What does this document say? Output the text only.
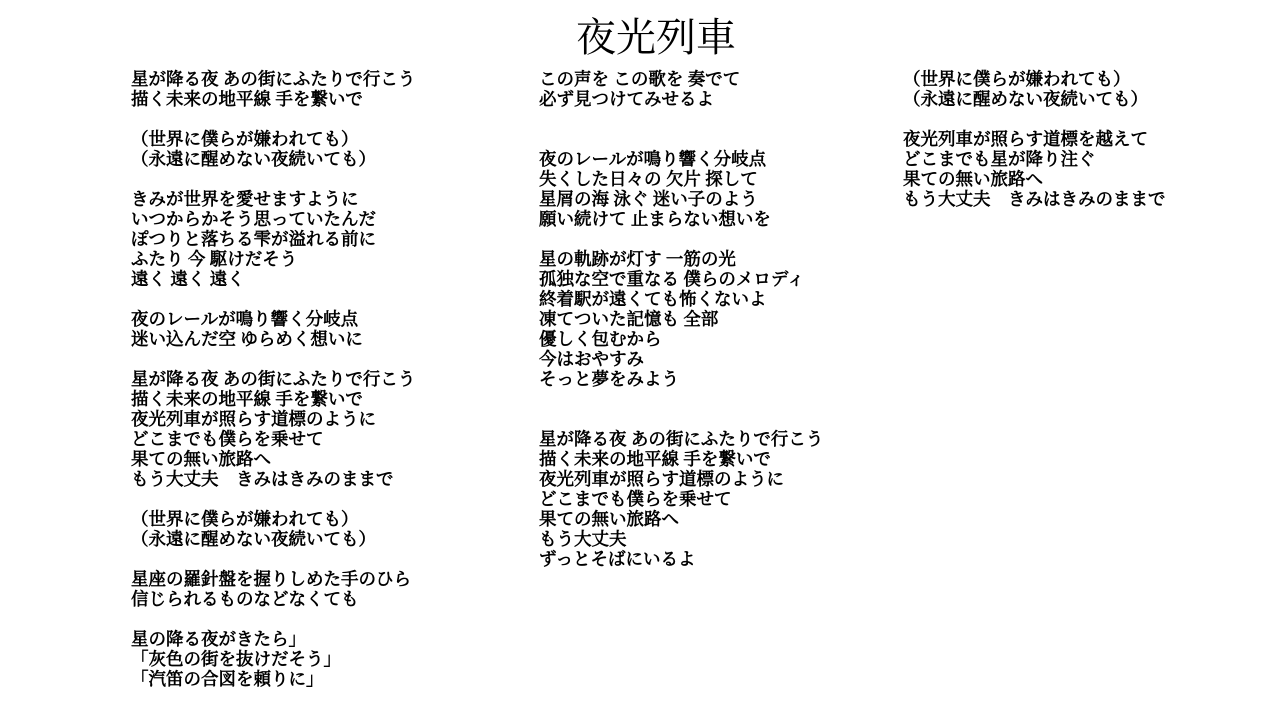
夜光列車
星が降る夜 あの街にふたりで行こう
描く未来の地平線 手を繋いで
（世界に僕らが嫌われても）
（永遠に醒めない夜続いても）
きみが世界を愛せますように
いつからかそう思っていたんだ
ぽつりと落ちる雫が溢れる前に
ふたり 今 駆けだそう
遠く 遠く 遠く
夜のレールが鳴り響く分岐点
迷い込んだ空 ゆらめく想いに
星が降る夜 あの街にふたりで行こう
描く未来の地平線 手を繋いで
夜光列車が照らす道標のように
どこまでも僕らを乗せて
果ての無い旅路へ
もう大丈夫　きみはきみのままで
（世界に僕らが嫌われても）
（永遠に醒めない夜続いても）
星座の羅針盤を握りしめた手のひら
信じられるものなどなくても
星の降る夜がきたら」
「灰色の街を抜けだそう」
「汽笛の合図を頼りに」
この声を この歌を 奏でて
必ず見つけてみせるよ
夜のレールが鳴り響く分岐点
失くした日々の 欠片 探して
星屑の海 泳ぐ 迷い子のよう
願い続けて 止まらない想いを
星の軌跡が灯す 一筋の光
孤独な空で重なる 僕らのメロディ
終着駅が遠くても怖くないよ
凍てついた記憶も 全部
優しく包むから
今はおやすみ
そっと夢をみよう
星が降る夜 あの街にふたりで行こう
描く未来の地平線 手を繋いで
夜光列車が照らす道標のように
どこまでも僕らを乗せて
果ての無い旅路へ
もう大丈夫
ずっとそばにいるよ
（世界に僕らが嫌われても）
（永遠に醒めない夜続いても）
夜光列車が照らす道標を越えて
どこまでも星が降り注ぐ
果ての無い旅路へ
もう大丈夫　きみはきみのままで
